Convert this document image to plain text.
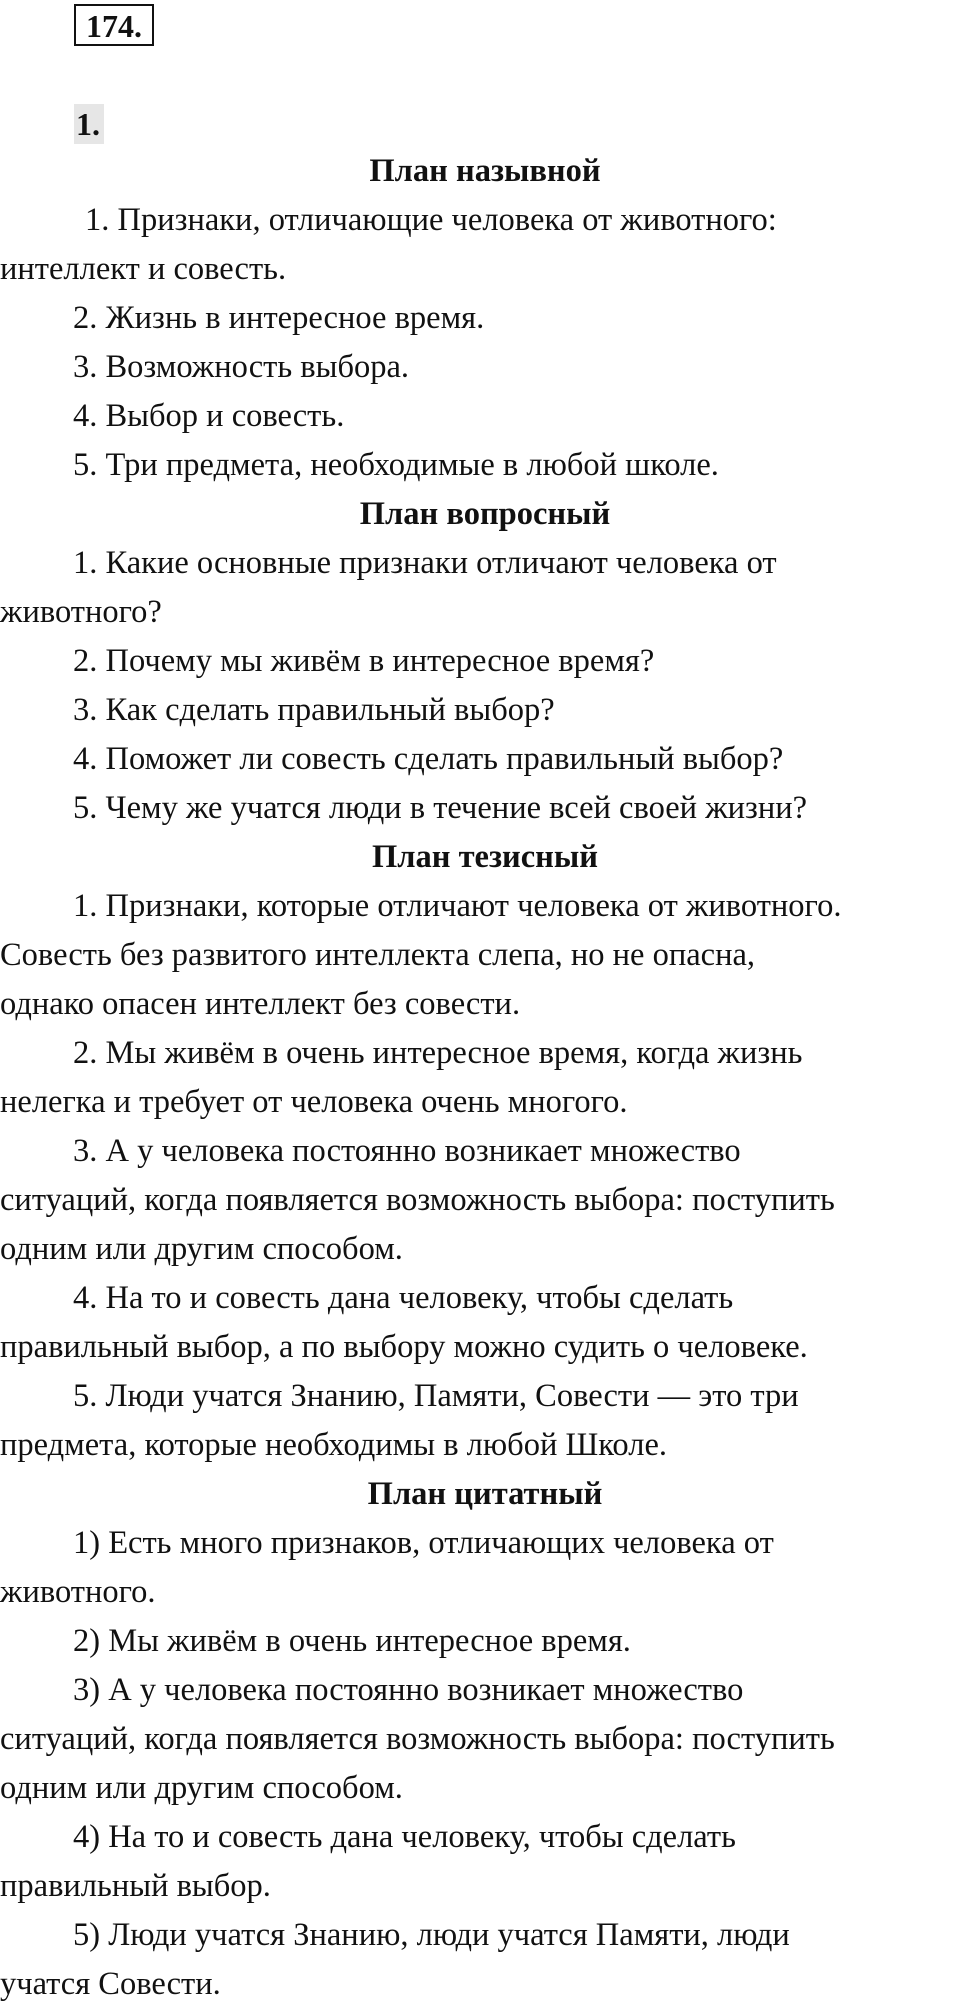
174.
1.

План назывной

1. Признаки, отличающие человека от животного:
интеллект и совесть.

2. Жизнь в интересное время.

3. Возможность выбора.

4. Выбор и совесть.

5. Три предмета, необходимые в любой школе.

План вопросный

1. Какие основные признаки отличают человека от
животного?

2. Почему мы живём в интересное время?

3. Как сделать правильный выбор?

4. Поможет ли совесть сделать правильный выбор?

5. Чему же учатся люди в течение всей своей жизни?

План тезисный

1. Признаки, которые отличают человека от животного.
Совесть без развитого интеллекта слепа, но не опасна,
однако опасен интеллект без совести.

2. Мы живём в очень интересное время, когда жизнь
нелегка и требует от человека очень многого.

3. А у человека постоянно возникает множество
ситуаций, когда появляется возможность выбора: поступить
одним или другим способом.

4. На то и совесть дана человеку, чтобы сделать
правильный выбор, а по выбору можно судить о человеке.

5. Люди учатся Знанию, Памяти, Совести — это три
предмета, которые необходимы в любой Школе.

План цитатный

1) Есть много признаков, отличающих человека от
животного.

2) Мы живём в очень интересное время.

3) А у человека постоянно возникает множество
ситуаций, когда появляется возможность выбора: поступить
одним или другим способом.

4) На то и совесть дана человеку, чтобы сделать
правильный выбор.

5) Люди учатся Знанию, люди учатся Памяти, люди
учатся Совести.
